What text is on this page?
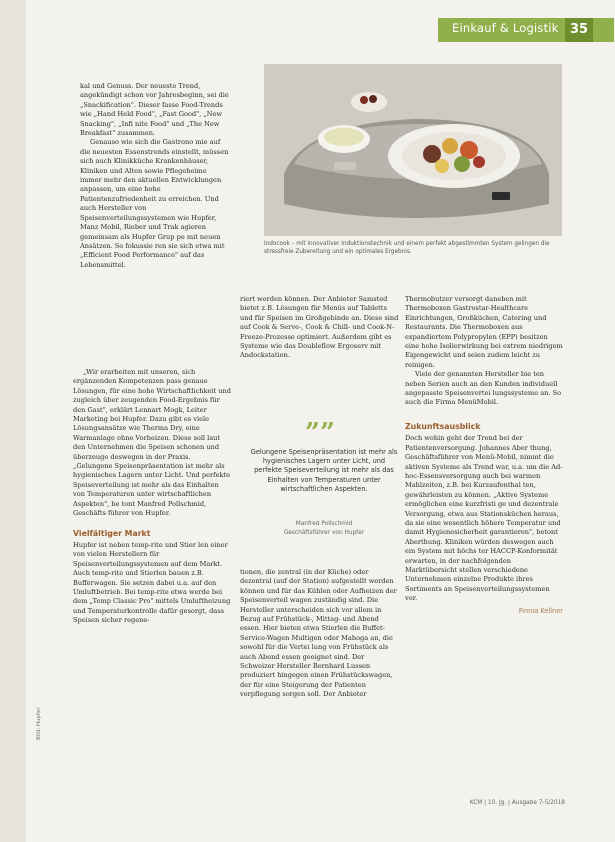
Einkauf & Logistik 35

kal und Genuss. Der neueste Trend, angekündigt schon vor Jahresbeginn, sei die „Snackification". Dieser fasse Food-Trends wie „Hand Held Food", „Fast Good", „New Snacking", „Infi nite Food" und „The New Breakfast" zusammen.

Genauso wie sich die Gastrono mie auf die neuesten Essenstrends einstellt, müssen sich auch Klinikküche Krankenhäuser, Kliniken und Alten sowie Pflegeheime immer mehr den aktuellen Entwicklungen anpassen, um eine hohe Patientenzufriedenheit zu erreichen. Und auch Hersteller von Speisenverteilungssystemen wie Hupfer, Manz Mobil, Rieber und Trak agieren gemeinsam als Hupfer Grup pe mit neuen Ansätzen. So fokussie ren sie sich etwa mit „Efficient Food Performance" auf das Lebensmittel.

„Wir erarbeiten mit unseren, sich ergänzenden Kompetenzen pass genaue Lösungen, für eine hohe Wirtschaftlichkeit und zugleich über zeugenden Food-Ergebnis für den Gast", erklärt Lennart Mogk, Leiter Marketing bei Hupfer. Dazu gibt es viele Lösungsansätze wie Therma Dry, eine Warmanlage ohne Vorheizen. Diese soll laut den Unternehmen die Speisen schonen und überzeuge deswegen in der Praxis. „Gelungene Speisenpräsentation ist mehr als hygienisches Lagern unter Licht. Und perfekte Speiseverteilung ist mehr als das Einhalten von Temperaturen unter wirtschaftlichen Aspekten", be tont Manfred Pollschmid, Geschäfts führer von Hupfer.

Vielfältiger Markt

Hupfer ist neben temp-rite und Stier len einer von vielen Herstellern für Speisenverteilungssystemen auf dem Markt. Auch temp-rite und Stierlen bauen z.B. Bufferwagen. Sie setzen dabei u.a. auf den Umluftbetrieb. Bei temp-rite etwa werde bei dem „Temp Classic Pro" mittels Umluftheizung und Temperaturkontrolle dafür gesorgt, dass Speisen sicher regene-

Indocook – mit innovativer Induktionstechnik und einem perfekt abgestimmten System gelingen die stressfreie Zubereitung und ein optimales Ergebnis.

riert werden können. Der Anbieter Samsted bietet z.B. Lösungen für Menüs auf Tabletts und für Speisen im Großgebinde an. Diese sind auf Cook & Serve-, Cook & Chill- und Cook-N-Freeze-Prozesse optimiert. Außerdem gibt es Systeme wie das Doubleflow Ergoserv mit Andockstation.

””
Gelungene Speisenpräsentation ist mehr als hygienisches Lagern unter Licht, und perfekte Speiseverteilung ist mehr als das Einhalten von Temperaturen unter wirtschaftlichen Aspekten.
Manfred Pollschmid
Geschäftsführer von Hupfer

tionen, die zentral (in der Küche) oder dezentral (auf der Station) aufgestellt werden können und für das Kühlen oder Aufheizen der Speisenverteil wagen zuständig sind. Die Hersteller unterscheiden sich vor allem in Bezug auf Frühstück-, Mittag- und Abend essen. Hier bieten etwa Stierlen die Buffet-Service-Wagen Multigen oder Mahoga an, die sowohl für die Vertei lung von Frühstück als auch Abend essen geeignet sind. Der Schweizer Hersteller Bernhard Lussen produziert hingegen einen Frühstückswagen, der für eine Steigerung der Patienten verpflegung sorgen soll. Der Anbieter

Thermobutzer versorgt daneben mit Thermoboxen Gastrostar-Healthcare Einrichtungen, Großküchen, Catering und Restaurants. Die Thermoboxen aus expandiertem Polypropylen (EPP) besitzen eine hohe Isolierwirkung bei extrem niedrigem Eigengewicht und seien zudem leicht zu reinigen.

Viele der genannten Hersteller bie ten neben Serien auch an den Kunden individuell angepasste Speisenvertei lungssysteme an. So auch die Firma MenüMobil.

Zukunftsausblick

Doch wohin geht der Trend bei der Patientenversorgung. Johannes Aber thung, Geschäftsführer von Menü-Mobil, nimmt die aktiven Systeme als Trend war, u.a. um die Ad-hoc-Essensversorgung auch bei warmen Mahlzeiten, z.B. bei Kurzaufenthal ten, gewährleisten zu können. „Aktive Systeme ermöglichen eine kurzfristi ge und dezentrale Versorgung, etwa aus Stationsküchen heraus, da sie eine wesentlich höhere Temperatur und damit Hygienesicherheit garantieren", betont Aberthung. Kliniken würden deswegen auch ein System mit höchs ter HACCP-Konformität erwarten, in der nachfolgenden Marktübersicht stellen verschiedene Unternehmen einzelne Produkte ihres Sortiments an Speisenverteilungssystemen vor.

Finnia Kellner
Bild: Hupfer
KCM | 10. Jg. | Ausgabe 7-5/2018
